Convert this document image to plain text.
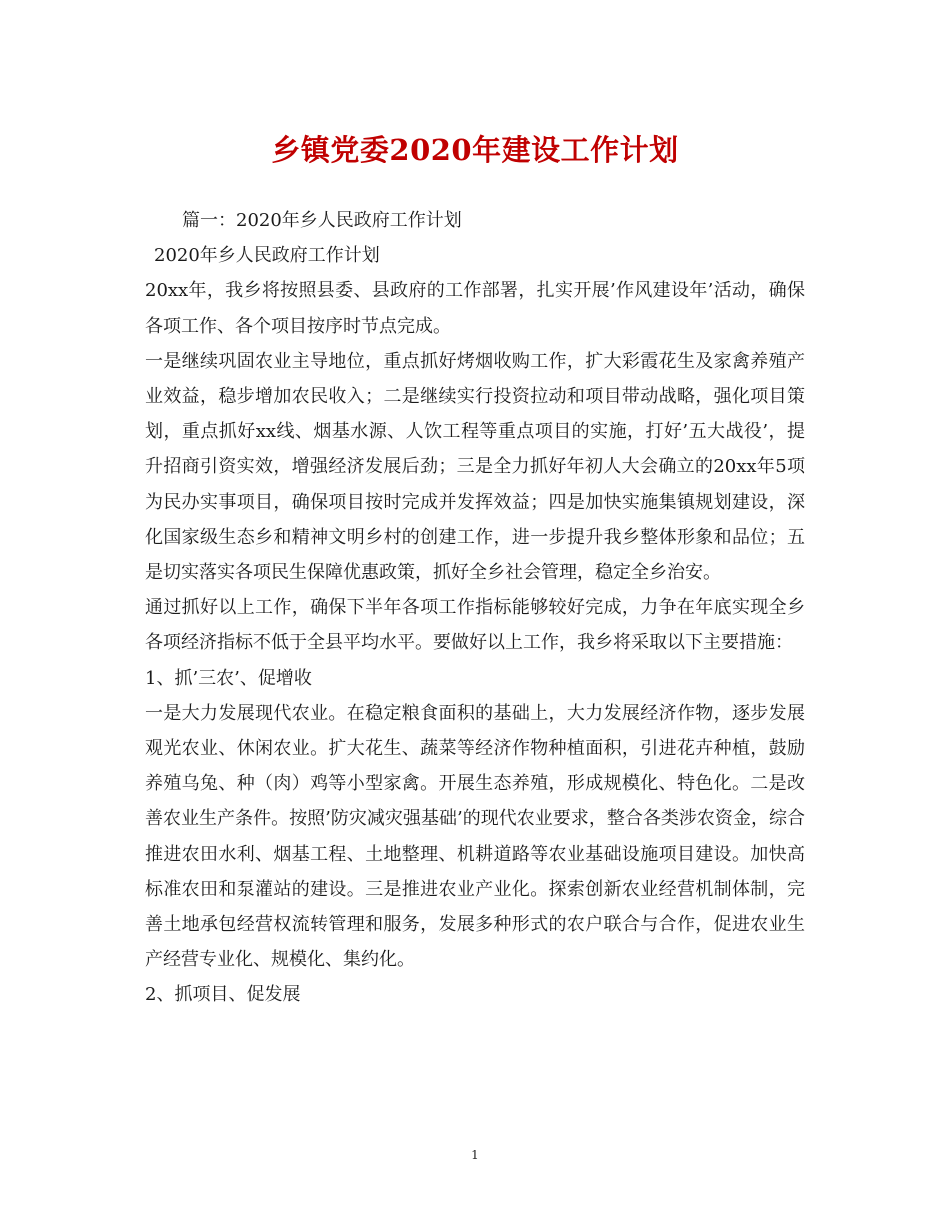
乡镇党委2020年建设工作计划

篇一：2020年乡人民政府工作计划

2020年乡人民政府工作计划

20xx年，我乡将按照县委、县政府的工作部署，扎实开展’作风建设年’活动，确保各项工作、各个项目按序时节点完成。

一是继续巩固农业主导地位，重点抓好烤烟收购工作，扩大彩霞花生及家禽养殖产业效益，稳步增加农民收入；二是继续实行投资拉动和项目带动战略，强化项目策划，重点抓好xx线、烟基水源、人饮工程等重点项目的实施，打好’五大战役’，提升招商引资实效，增强经济发展后劲；三是全力抓好年初人大会确立的20xx年5项为民办实事项目，确保项目按时完成并发挥效益；四是加快实施集镇规划建设，深化国家级生态乡和精神文明乡村的创建工作，进一步提升我乡整体形象和品位；五是切实落实各项民生保障优惠政策，抓好全乡社会管理，稳定全乡治安。

通过抓好以上工作，确保下半年各项工作指标能够较好完成，力争在年底实现全乡各项经济指标不低于全县平均水平。要做好以上工作，我乡将采取以下主要措施：

1、抓’三农’、促增收

一是大力发展现代农业。在稳定粮食面积的基础上，大力发展经济作物，逐步发展观光农业、休闲农业。扩大花生、蔬菜等经济作物种植面积，引进花卉种植，鼓励养殖乌兔、种（肉）鸡等小型家禽。开展生态养殖，形成规模化、特色化。二是改善农业生产条件。按照’防灾减灾强基础’的现代农业要求，整合各类涉农资金，综合推进农田水利、烟基工程、土地整理、机耕道路等农业基础设施项目建设。加快高标准农田和泵灌站的建设。三是推进农业产业化。探索创新农业经营机制体制，完善土地承包经营权流转管理和服务，发展多种形式的农户联合与合作，促进农业生产经营专业化、规模化、集约化。

2、抓项目、促发展

1
